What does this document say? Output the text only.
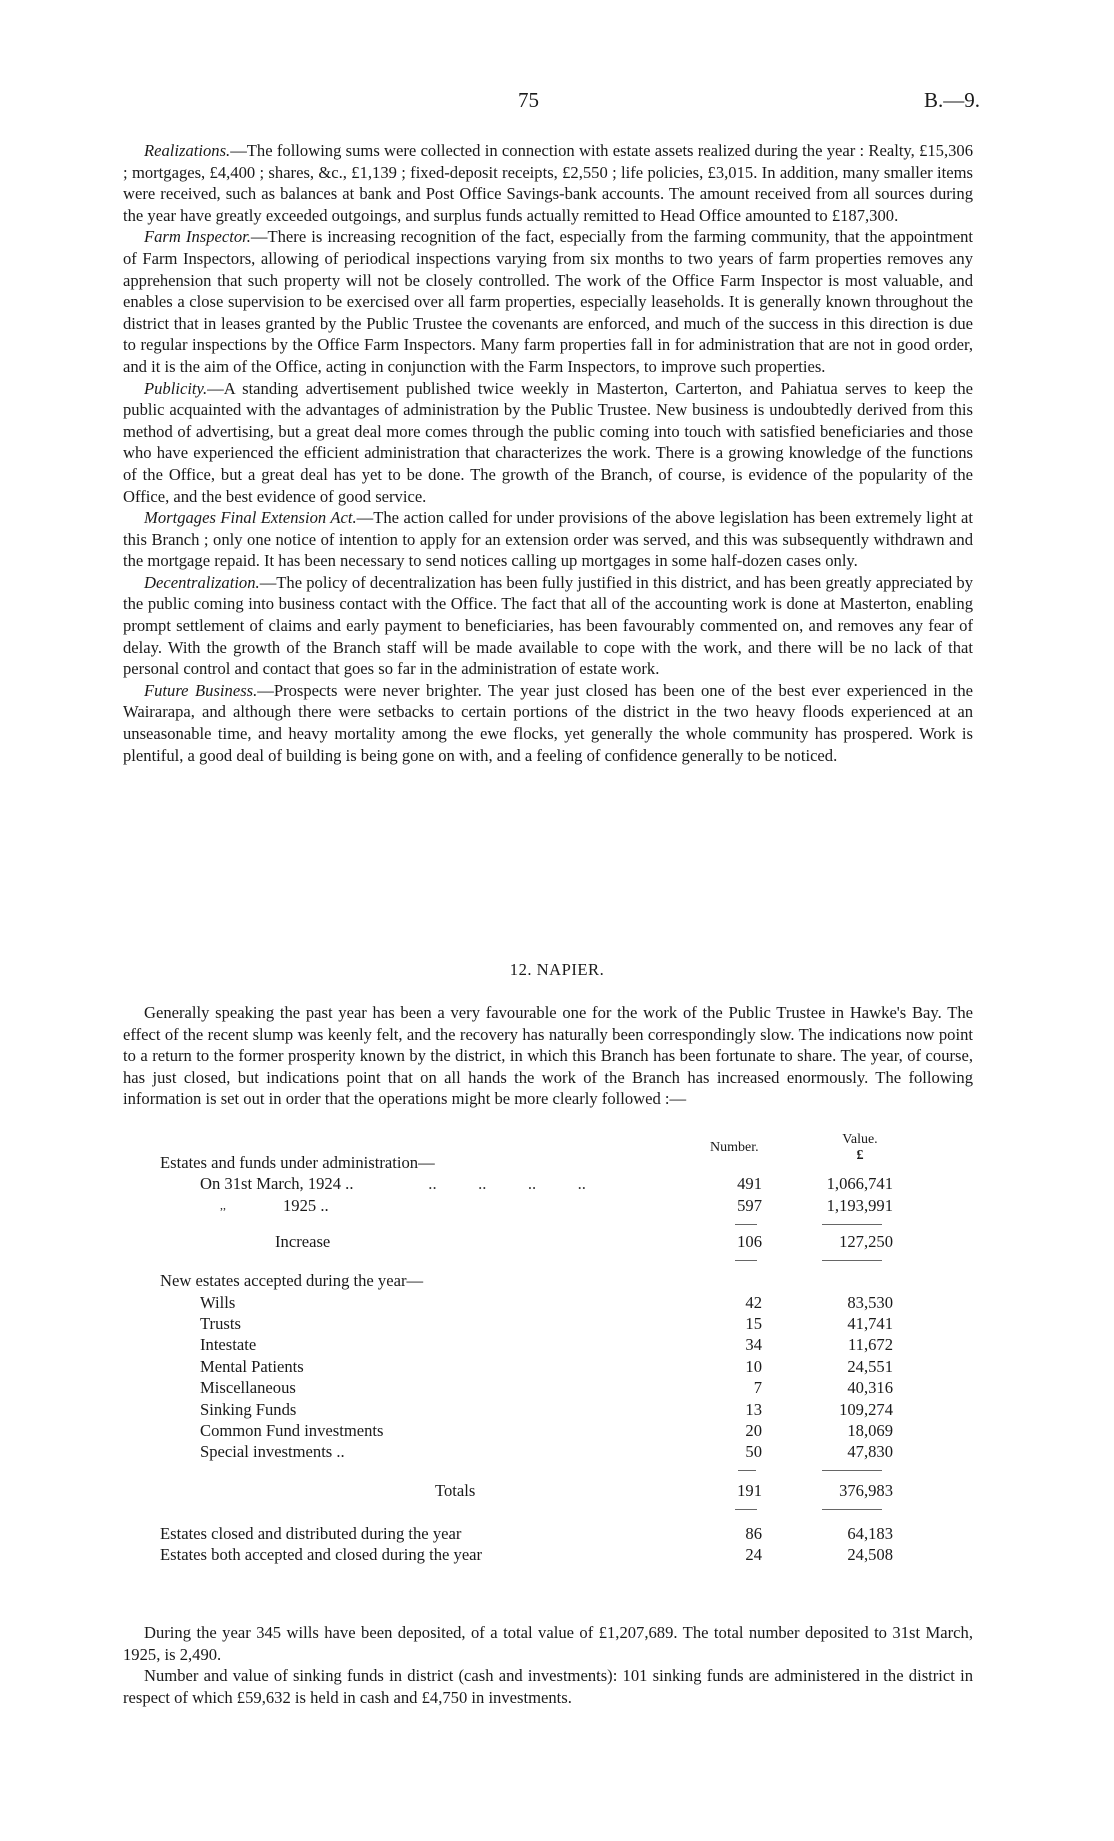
75	B.—9.

Realizations.—The following sums were collected in connection with estate assets realized during the year : Realty, £15,306 ; mortgages, £4,400 ; shares, &c., £1,139 ; fixed-deposit receipts, £2,550 ; life policies, £3,015. In addition, many smaller items were received, such as balances at bank and Post Office Savings-bank accounts. The amount received from all sources during the year have greatly exceeded outgoings, and surplus funds actually remitted to Head Office amounted to £187,300.

Farm Inspector.—There is increasing recognition of the fact, especially from the farming community, that the appointment of Farm Inspectors, allowing of periodical inspections varying from six months to two years of farm properties removes any apprehension that such property will not be closely controlled. The work of the Office Farm Inspector is most valuable, and enables a close supervision to be exercised over all farm properties, especially leaseholds. It is generally known throughout the district that in leases granted by the Public Trustee the covenants are enforced, and much of the success in this direction is due to regular inspections by the Office Farm Inspectors. Many farm properties fall in for administration that are not in good order, and it is the aim of the Office, acting in conjunction with the Farm Inspectors, to improve such properties.

Publicity.—A standing advertisement published twice weekly in Masterton, Carterton, and Pahiatua serves to keep the public acquainted with the advantages of administration by the Public Trustee. New business is undoubtedly derived from this method of advertising, but a great deal more comes through the public coming into touch with satisfied beneficiaries and those who have experienced the efficient administration that characterizes the work. There is a growing knowledge of the functions of the Office, but a great deal has yet to be done. The growth of the Branch, of course, is evidence of the popularity of the Office, and the best evidence of good service.

Mortgages Final Extension Act.—The action called for under provisions of the above legislation has been extremely light at this Branch ; only one notice of intention to apply for an extension order was served, and this was subsequently withdrawn and the mortgage repaid. It has been necessary to send notices calling up mortgages in some half-dozen cases only.

Decentralization.—The policy of decentralization has been fully justified in this district, and has been greatly appreciated by the public coming into business contact with the Office. The fact that all of the accounting work is done at Masterton, enabling prompt settlement of claims and early payment to beneficiaries, has been favourably commented on, and removes any fear of delay. With the growth of the Branch staff will be made available to cope with the work, and there will be no lack of that personal control and contact that goes so far in the administration of estate work.

Future Business.—Prospects were never brighter. The year just closed has been one of the best ever experienced in the Wairarapa, and although there were setbacks to certain portions of the district in the two heavy floods experienced at an unseasonable time, and heavy mortality among the ewe flocks, yet generally the whole community has prospered. Work is plentiful, a good deal of building is being gone on with, and a feeling of confidence generally to be noticed.

12. NAPIER.

Generally speaking the past year has been a very favourable one for the work of the Public Trustee in Hawke's Bay. The effect of the recent slump was keenly felt, and the recovery has naturally been correspondingly slow. The indications now point to a return to the former prosperity known by the district, in which this Branch has been fortunate to share. The year, of course, has just closed, but indications point that on all hands the work of the Branch has increased enormously. The following information is set out in order that the operations might be more clearly followed :—

Number.
Value.
£
Estates and funds under administration—
On 31st March, 1924 ..	..          ..          ..          ..	491	1,066,741
,,	1925 ..	597	1,193,991
Increase	106	127,250
New estates accepted during the year—
Wills	42	83,530
Trusts	15	41,741
Intestate	34	11,672
Mental Patients	10	24,551
Miscellaneous	7	40,316
Sinking Funds	13	109,274
Common Fund investments	20	18,069
Special investments ..	50	47,830
Totals	191	376,983
Estates closed and distributed during the year	86	64,183
Estates both accepted and closed during the year	24	24,508

During the year 345 wills have been deposited, of a total value of £1,207,689. The total number deposited to 31st March, 1925, is 2,490.

Number and value of sinking funds in district (cash and investments): 101 sinking funds are administered in the district in respect of which £59,632 is held in cash and £4,750 in investments.
